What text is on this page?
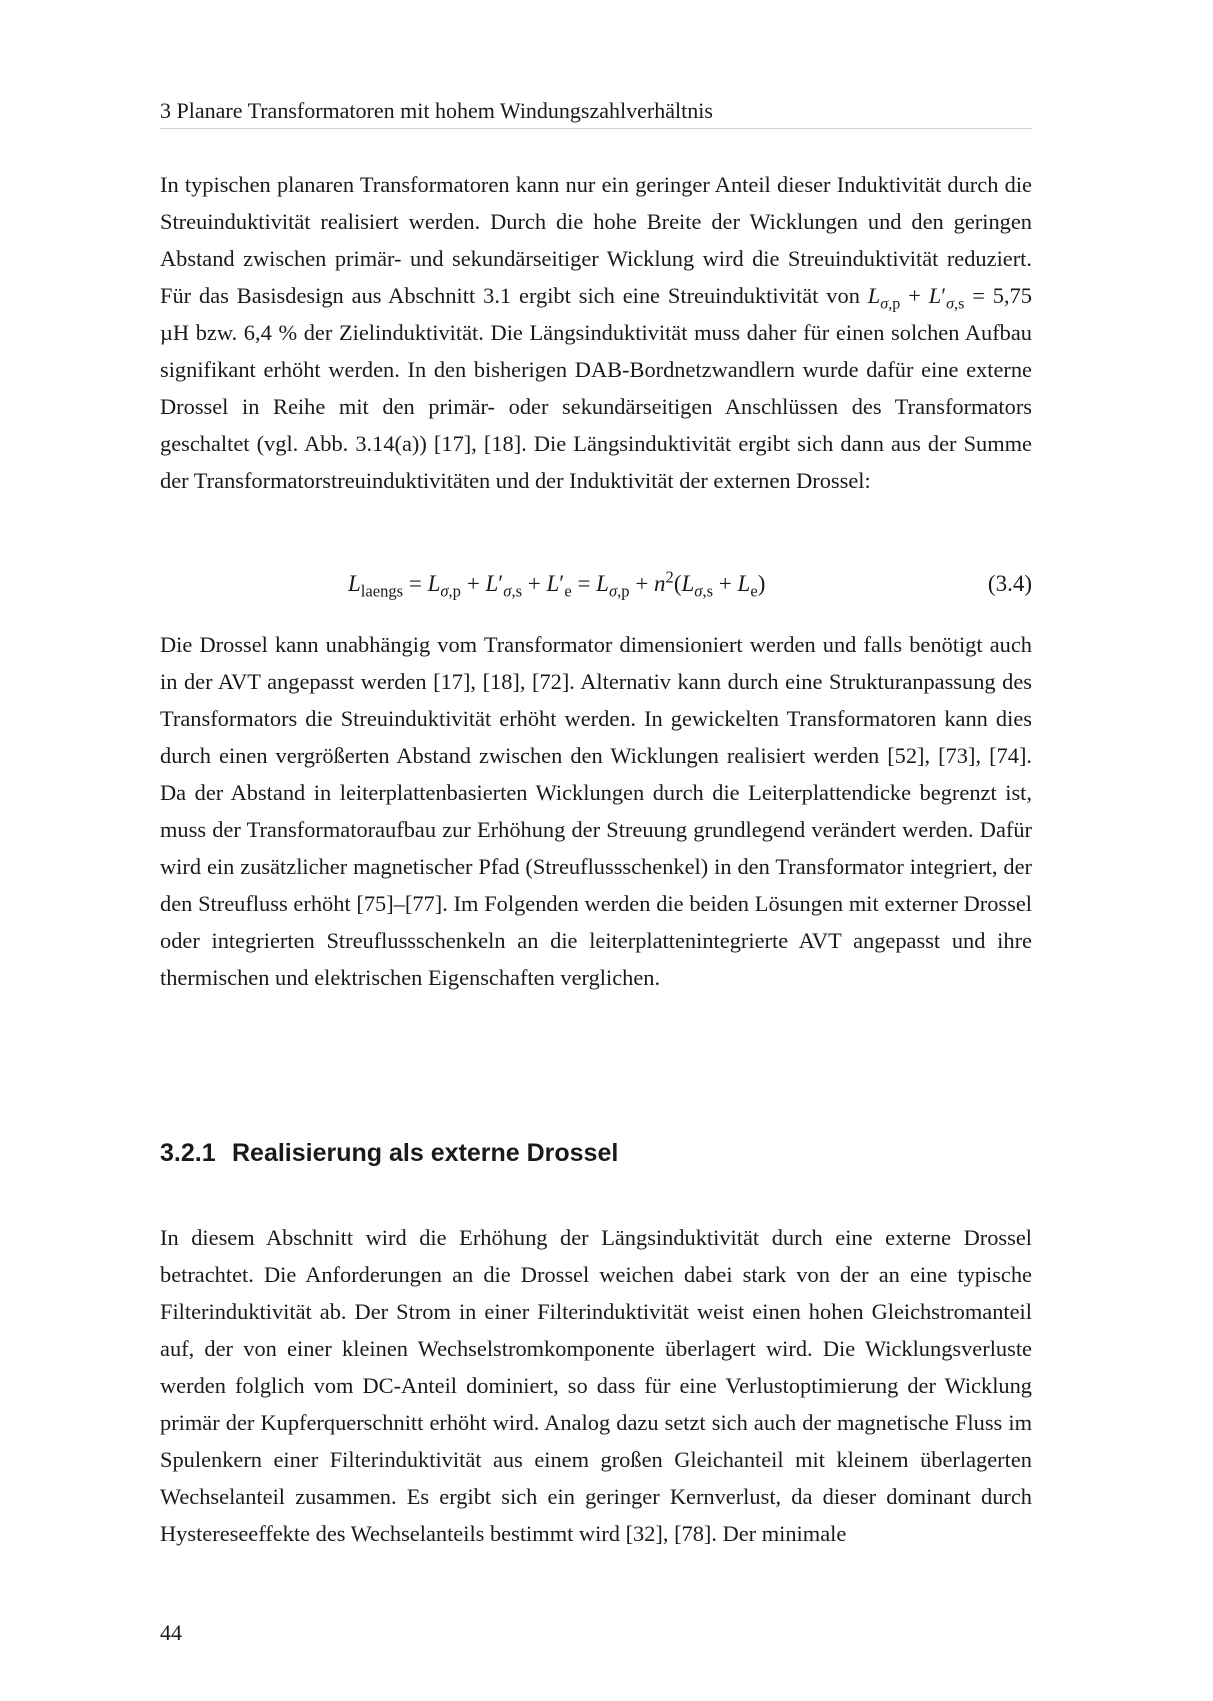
3 Planare Transformatoren mit hohem Windungszahlverhältnis

In typischen planaren Transformatoren kann nur ein geringer Anteil dieser Induktivität durch die Streuinduktivität realisiert werden. Durch die hohe Breite der Wicklungen und den geringen Abstand zwischen primär- und sekundärseitiger Wicklung wird die Streuinduktivität reduziert. Für das Basisdesign aus Abschnitt 3.1 ergibt sich eine Streuinduktivität von $L_{\sigma,p} + L'_{\sigma,s} = 5,75$ µH bzw. 6,4 % der Zielinduktivität. Die Längsinduktivität muss daher für einen solchen Aufbau signifikant erhöht werden. In den bisherigen DAB-Bordnetzwandlern wurde dafür eine externe Drossel in Reihe mit den primär- oder sekundärseitigen Anschlüssen des Transformators geschaltet (vgl. Abb. 3.14(a)) [17], [18]. Die Längsinduktivität ergibt sich dann aus der Summe der Transformatorstreuinduktivitäten und der Induktivität der externen Drossel:

$L_{laengs} = L_{\sigma,p} + L'_{\sigma,s} + L'_e = L_{\sigma,p} + n^2(L_{\sigma,s} + L_e)$	(3.4)

Die Drossel kann unabhängig vom Transformator dimensioniert werden und falls benötigt auch in der AVT angepasst werden [17], [18], [72]. Alternativ kann durch eine Strukturanpassung des Transformators die Streuinduktivität erhöht werden. In gewickelten Transformatoren kann dies durch einen vergrößerten Abstand zwischen den Wicklungen realisiert werden [52], [73], [74]. Da der Abstand in leiterplattenbasierten Wicklungen durch die Leiterplattendicke begrenzt ist, muss der Transformatoraufbau zur Erhöhung der Streuung grundlegend verändert werden. Dafür wird ein zusätzlicher magnetischer Pfad (Streuflussschenkel) in den Transformator integriert, der den Streufluss erhöht [75]–[77]. Im Folgenden werden die beiden Lösungen mit externer Drossel oder integrierten Streuflussschenkeln an die leiterplattenintegrierte AVT angepasst und ihre thermischen und elektrischen Eigenschaften verglichen.

3.2.1 Realisierung als externe Drossel

In diesem Abschnitt wird die Erhöhung der Längsinduktivität durch eine externe Drossel betrachtet. Die Anforderungen an die Drossel weichen dabei stark von der an eine typische Filterinduktivität ab. Der Strom in einer Filterinduktivität weist einen hohen Gleichstromanteil auf, der von einer kleinen Wechselstromkomponente überlagert wird. Die Wicklungsverluste werden folglich vom DC-Anteil dominiert, so dass für eine Verlustoptimierung der Wicklung primär der Kupferquerschnitt erhöht wird. Analog dazu setzt sich auch der magnetische Fluss im Spulenkern einer Filterinduktivität aus einem großen Gleichanteil mit kleinem überlagerten Wechselanteil zusammen. Es ergibt sich ein geringer Kernverlust, da dieser dominant durch Hystereseeffekte des Wechselanteils bestimmt wird [32], [78]. Der minimale

44
